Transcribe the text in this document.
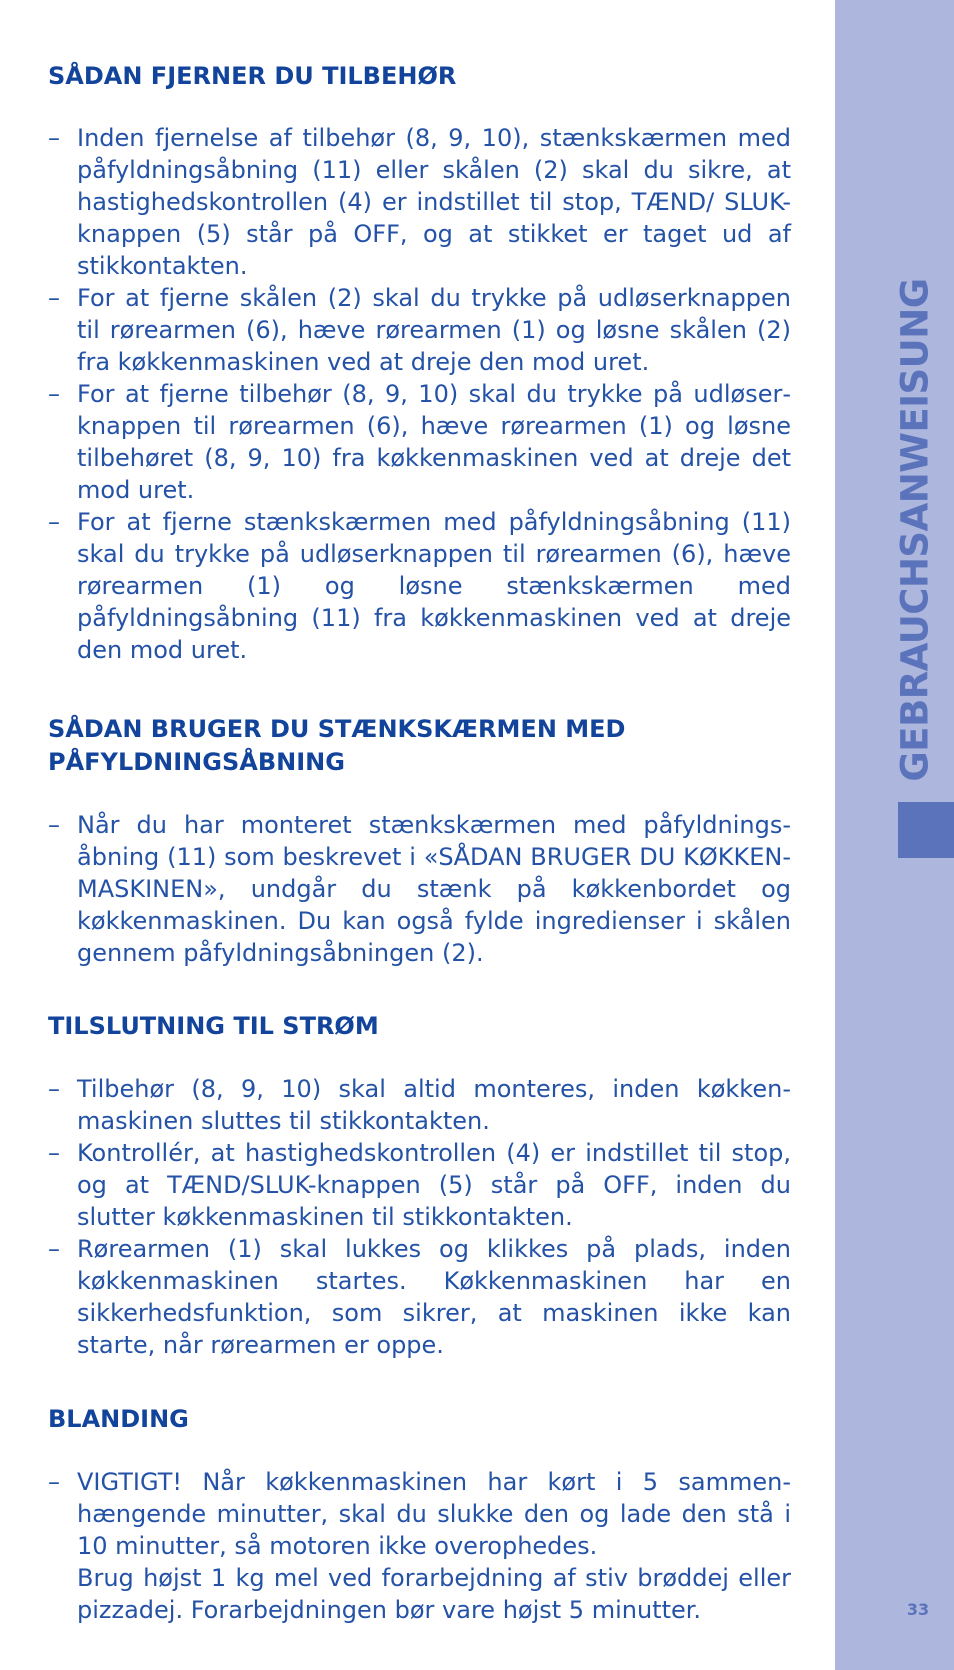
SÅDAN FJERNER DU TILBEHØR
– Inden fjernelse af tilbehør (8, 9, 10), stænkskærmen med påfyldningsåbning (11) eller skålen (2) skal du sikre, at hastighedskontrollen (4) er indstillet til stop, TÆND/ SLUK-knappen (5) står på OFF, og at stikket er taget ud af stikkontakten.
– For at fjerne skålen (2) skal du trykke på udløserknappen til rørearmen (6), hæve rørearmen (1) og løsne skålen (2) fra køkkenmaskinen ved at dreje den mod uret.
– For at fjerne tilbehør (8, 9, 10) skal du trykke på udløserknappen til rørearmen (6), hæve rørearmen (1) og løsne tilbehøret (8, 9, 10) fra køkkenmaskinen ved at dreje det mod uret.
– For at fjerne stænkskærmen med påfyldningsåbning (11) skal du trykke på udløserknappen til rørearmen (6), hæve rørearmen (1) og løsne stænkskærmen med påfyldningsåbning (11) fra køkkenmaskinen ved at dreje den mod uret.
SÅDAN BRUGER DU STÆNKSKÆRMEN MED
PÅFYLDNINGSÅBNING
– Når du har monteret stænkskærmen med påfyldningsåbning (11) som beskrevet i «SÅDAN BRUGER DU KØKKENMASKINEN», undgår du stænk på køkkenbordet og køkkenmaskinen. Du kan også fylde ingredienser i skålen gennem påfyldningsåbningen (2).
TILSLUTNING TIL STRØM
– Tilbehør (8, 9, 10) skal altid monteres, inden køkkenmaskinen sluttes til stikkontakten.
– Kontrollér, at hastighedskontrollen (4) er indstillet til stop, og at TÆND/SLUK-knappen (5) står på OFF, inden du slutter køkkenmaskinen til stikkontakten.
– Rørearmen (1) skal lukkes og klikkes på plads, inden køkkenmaskinen startes. Køkkenmaskinen har en sikkerhedsfunktion, som sikrer, at maskinen ikke kan starte, når rørearmen er oppe.
BLANDING
– VIGTIGT! Når køkkenmaskinen har kørt i 5 sammenhængende minutter, skal du slukke den og lade den stå i 10 minutter, så motoren ikke overophedes.
Brug højst 1 kg mel ved forarbejdning af stiv brøddej eller pizzadej. Forarbejdningen bør vare højst 5 minutter.
GEBRAUCHSANWEISUNG
33
